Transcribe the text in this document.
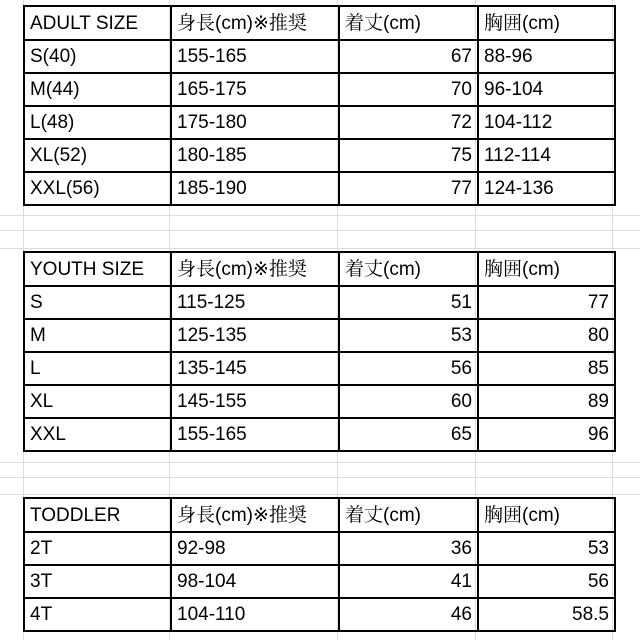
ADULT SIZE	身長(cm)※推奨	着丈(cm)	胸囲(cm)
S(40)	155-165	67	88-96
M(44)	165-175	70	96-104
L(48)	175-180	72	104-112
XL(52)	180-185	75	112-114
XXL(56)	185-190	77	124-136
YOUTH SIZE	身長(cm)※推奨	着丈(cm)	胸囲(cm)
S	115-125	51	77
M	125-135	53	80
L	135-145	56	85
XL	145-155	60	89
XXL	155-165	65	96
TODDLER	身長(cm)※推奨	着丈(cm)	胸囲(cm)
2T	92-98	36	53
3T	98-104	41	56
4T	104-110	46	58.5
